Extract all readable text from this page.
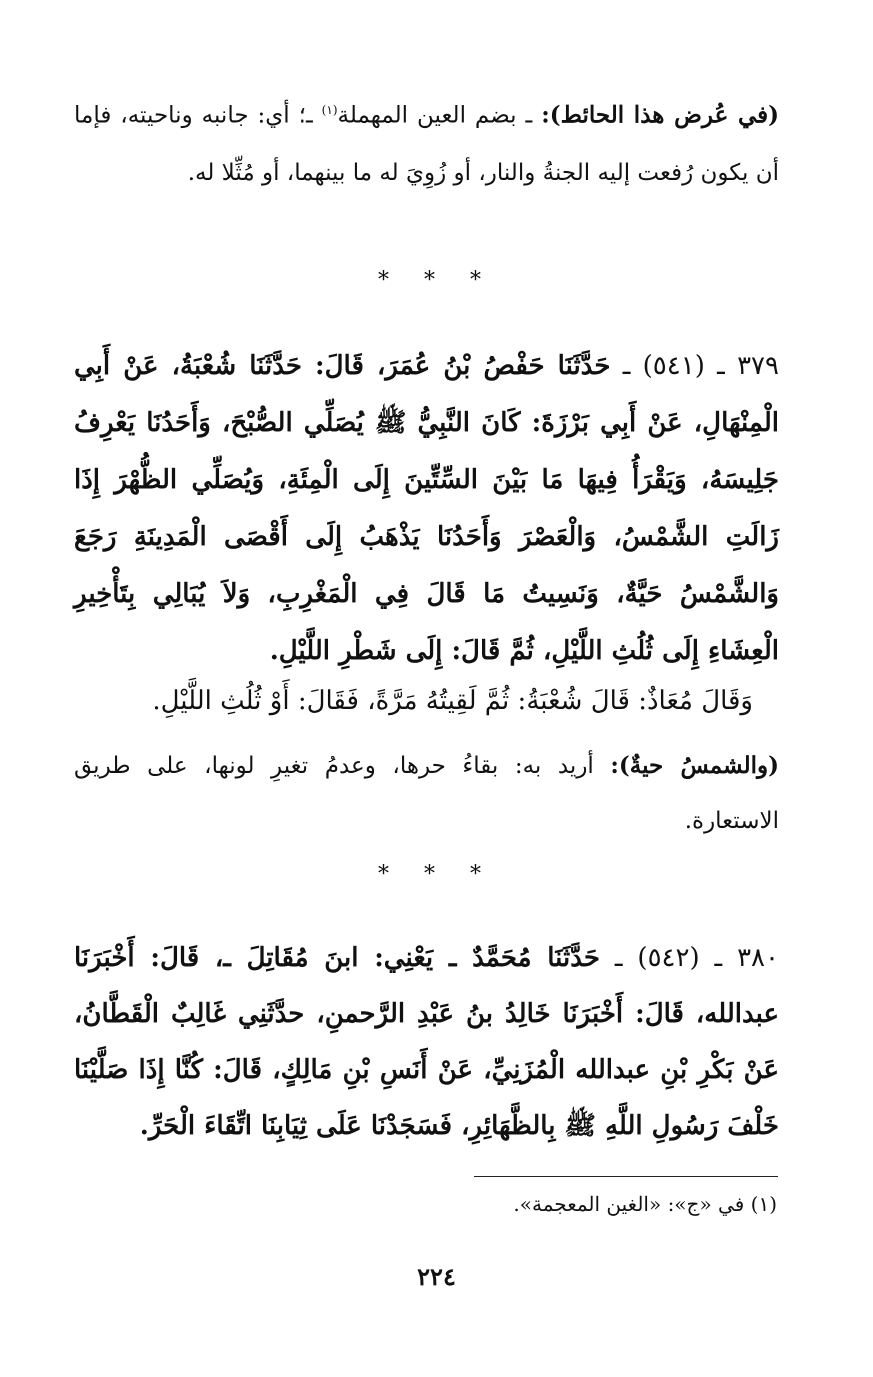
(في عُرض هذا الحائط): ـ بضم العين المهملة$^{(١)}$ ـ؛ أي: جانبه وناحيته، فإما أن يكون رُفعت إليه الجنةُ والنار، أو زُوِيَ له ما بينهما، أو مُثِّلا له.

* * *

٣٧٩ ـ (٥٤١) ـ حَدَّثَنَا حَفْصُ بْنُ عُمَرَ، قَالَ: حَدَّثَنَا شُعْبَةُ، عَنْ أَبِي الْمِنْهَالِ، عَنْ أَبِي بَرْزَةَ: كَانَ النَّبِيُّ ﷺ يُصَلِّي الصُّبْحَ، وَأَحَدُنَا يَعْرِفُ جَلِيسَهُ، وَيَقْرَأُ فِيهَا مَا بَيْنَ السِّتِّينَ إِلَى الْمِئَةِ، وَيُصَلِّي الظُّهْرَ إِذَا زَالَتِ الشَّمْسُ، وَالْعَصْرَ وَأَحَدُنَا يَذْهَبُ إِلَى أَقْصَى الْمَدِينَةِ رَجَعَ وَالشَّمْسُ حَيَّةٌ، وَنَسِيتُ مَا قَالَ فِي الْمَغْرِبِ، وَلاَ يُبَالِي بِتَأْخِيرِ الْعِشَاءِ إِلَى ثُلُثِ اللَّيْلِ، ثُمَّ قَالَ: إِلَى شَطْرِ اللَّيْلِ.

وَقَالَ مُعَاذٌ: قَالَ شُعْبَةُ: ثُمَّ لَقِيتُهُ مَرَّةً، فَقَالَ: أَوْ ثُلُثِ اللَّيْلِ.

(والشمسُ حيةٌ): أريد به: بقاءُ حرها، وعدمُ تغيرِ لونها، على طريق الاستعارة.

* * *

٣٨٠ ـ (٥٤٢) ـ حَدَّثَنَا مُحَمَّدٌ ـ يَعْنِي: ابنَ مُقَاتِلَ ـ، قَالَ: أَخْبَرَنَا عبدالله، قَالَ: أَخْبَرَنَا خَالِدُ بنُ عَبْدِ الرَّحمنِ، حدَّثَنِي غَالِبٌ الْقَطَّانُ، عَنْ بَكْرِ بْنِ عبدالله الْمُزَنِيِّ، عَنْ أَنَسِ بْنِ مَالِكٍ، قَالَ: كُنَّا إِذَا صَلَّيْنَا خَلْفَ رَسُولِ اللَّهِ ﷺ بِالظَّهَائِرِ، فَسَجَدْنَا عَلَى ثِيَابِنَا اتِّقَاءَ الْحَرِّ.

(١) في «ج»: «الغين المعجمة».

٢٢٤
